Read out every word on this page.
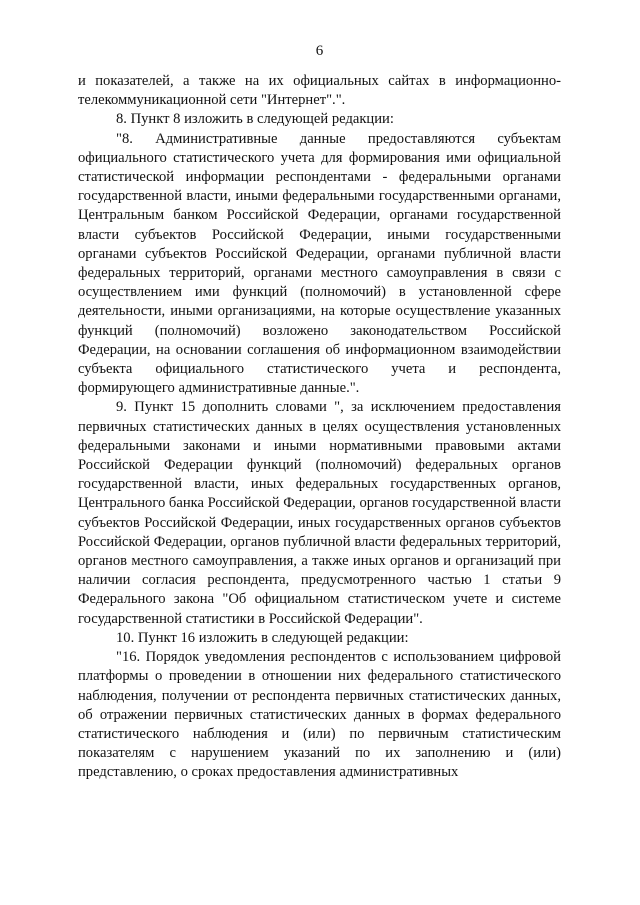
6

и показателей, а также на их официальных сайтах в информационно-телекоммуникационной сети "Интернет".".

8. Пункт 8 изложить в следующей редакции:

"8. Административные данные предоставляются субъектам официального статистического учета для формирования ими официальной статистической информации респондентами - федеральными органами государственной власти, иными федеральными государственными органами, Центральным банком Российской Федерации, органами государственной власти субъектов Российской Федерации, иными государственными органами субъектов Российской Федерации, органами публичной власти федеральных территорий, органами местного самоуправления в связи с осуществлением ими функций (полномочий) в установленной сфере деятельности, иными организациями, на которые осуществление указанных функций (полномочий) возложено законодательством Российской Федерации, на основании соглашения об информационном взаимодействии субъекта официального статистического учета и респондента, формирующего административные данные.".

9. Пункт 15 дополнить словами ", за исключением предоставления первичных статистических данных в целях осуществления установленных федеральными законами и иными нормативными правовыми актами Российской Федерации функций (полномочий) федеральных органов государственной власти, иных федеральных государственных органов, Центрального банка Российской Федерации, органов государственной власти субъектов Российской Федерации, иных государственных органов субъектов Российской Федерации, органов публичной власти федеральных территорий, органов местного самоуправления, а также иных органов и организаций при наличии согласия респондента, предусмотренного частью 1 статьи 9 Федерального закона "Об официальном статистическом учете и системе государственной статистики в Российской Федерации".

10. Пункт 16 изложить в следующей редакции:

"16. Порядок уведомления респондентов с использованием цифровой платформы о проведении в отношении них федерального статистического наблюдения, получении от респондента первичных статистических данных, об отражении первичных статистических данных в формах федерального статистического наблюдения и (или) по первичным статистическим показателям с нарушением указаний по их заполнению и (или) представлению, о сроках предоставления административных
